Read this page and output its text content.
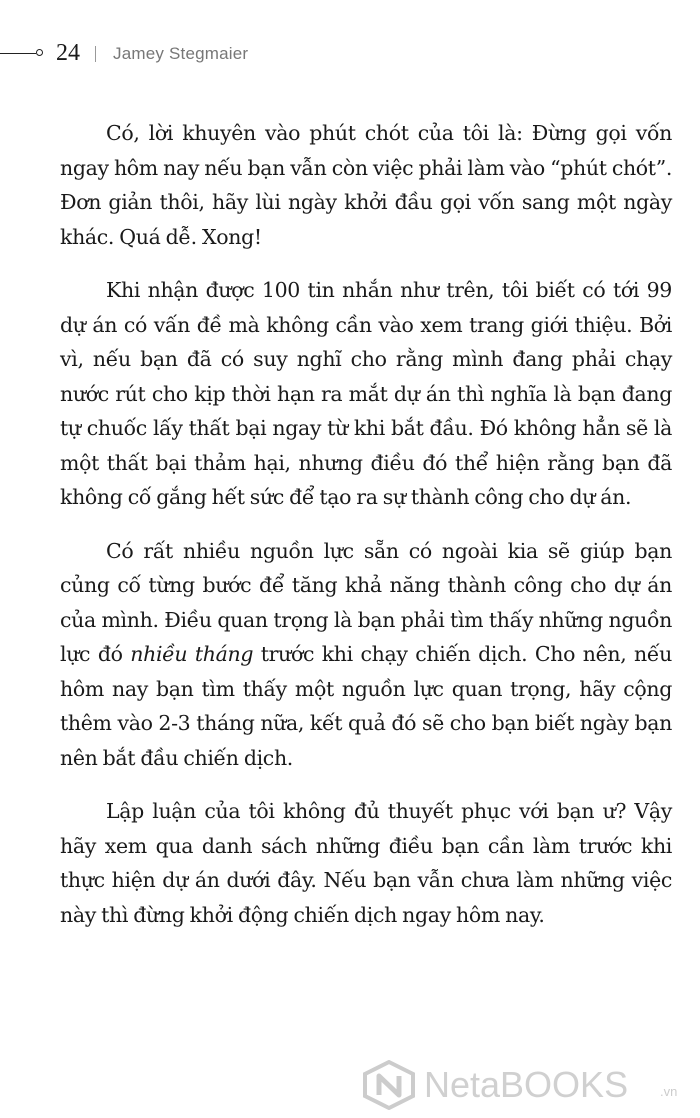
24 Jamey Stegmaier

Có, lời khuyên vào phút chót của tôi là: Đừng gọi vốn ngay hôm nay nếu bạn vẫn còn việc phải làm vào “phút chót”. Đơn giản thôi, hãy lùi ngày khởi đầu gọi vốn sang một ngày khác. Quá dễ. Xong!

Khi nhận được 100 tin nhắn như trên, tôi biết có tới 99 dự án có vấn đề mà không cần vào xem trang giới thiệu. Bởi vì, nếu bạn đã có suy nghĩ cho rằng mình đang phải chạy nước rút cho kịp thời hạn ra mắt dự án thì nghĩa là bạn đang tự chuốc lấy thất bại ngay từ khi bắt đầu. Đó không hẳn sẽ là một thất bại thảm hại, nhưng điều đó thể hiện rằng bạn đã không cố gắng hết sức để tạo ra sự thành công cho dự án.

Có rất nhiều nguồn lực sẵn có ngoài kia sẽ giúp bạn củng cố từng bước để tăng khả năng thành công cho dự án của mình. Điều quan trọng là bạn phải tìm thấy những nguồn lực đó nhiều tháng trước khi chạy chiến dịch. Cho nên, nếu hôm nay bạn tìm thấy một nguồn lực quan trọng, hãy cộng thêm vào 2-3 tháng nữa, kết quả đó sẽ cho bạn biết ngày bạn nên bắt đầu chiến dịch.

Lập luận của tôi không đủ thuyết phục với bạn ư? Vậy hãy xem qua danh sách những điều bạn cần làm trước khi thực hiện dự án dưới đây. Nếu bạn vẫn chưa làm những việc này thì đừng khởi động chiến dịch ngay hôm nay.

NetaBOOKS .vn
